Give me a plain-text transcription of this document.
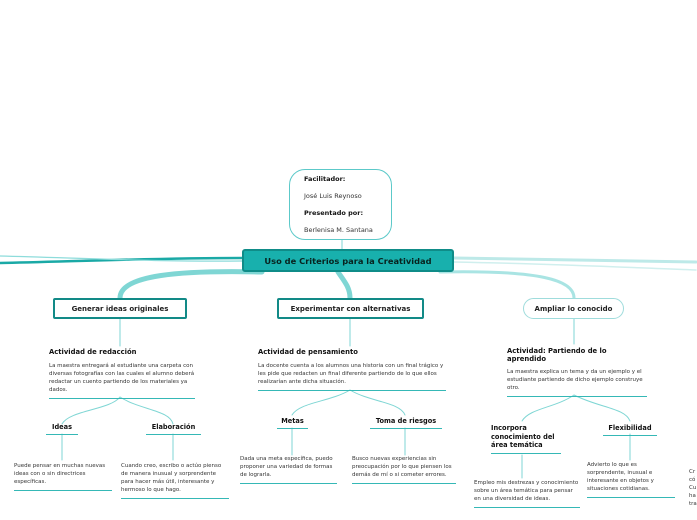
Facilitador:
José Luis Reynoso
Presentado por:
Berlenisa M. Santana
Uso de Criterios para la Creatividad
Generar ideas originales
Actividad de redacción
La maestra entregará al estudiante una carpeta con diversas fotografías con las cuales el alumno deberá redactar un cuento partiendo de los materiales ya dados.
Ideas	Elaboración
Puede pensar en muchas nuevas ideas con o sin directrices específicas.
Cuando creo, escribo o actúo pienso de manera inusual y sorprendente para hacer más útil, interesante y hermoso lo que hago.
Experimentar con alternativas
Actividad de pensamiento
La docente cuenta a los alumnos una historia con un final trágico y les pide que redacten un final diferente partiendo de lo que ellos realizarían ante dicha situación.
Metas	Toma de riesgos
Dada una meta específica, puedo proponer una variedad de formas de lograrla.
Busco nuevas experiencias sin preocupación por lo que piensen los demás de mí o si cometer errores.
Ampliar lo conocido
Actividad: Partiendo de lo aprendido
La maestra explica un tema y da un ejemplo y el estudiante partiendo de dicho ejemplo construye otro.
Incorpora conocimiento del área temática
Flexibilidad
Empleo mis destrezas y conocimiento sobre un área temática para pensar en una diversidad de ideas.
Advierto lo que es sorprendente, inusual e interesante en objetos y situaciones cotidianas.
Cr
có
Cu
ha
tra
